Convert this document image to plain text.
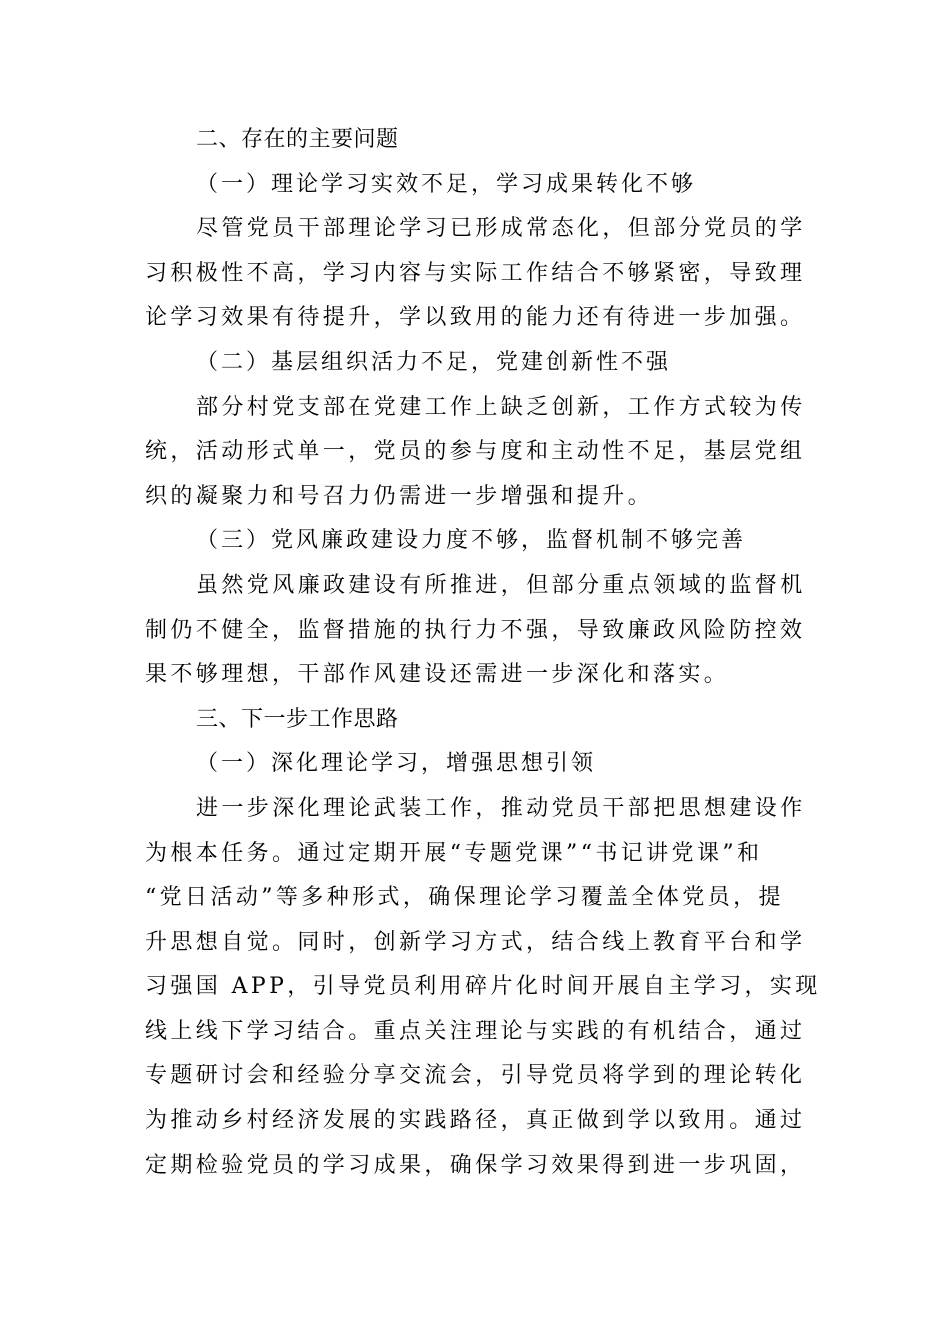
二、存在的主要问题
（一）理论学习实效不足，学习成果转化不够
尽管党员干部理论学习已形成常态化，但部分党员的学
习积极性不高，学习内容与实际工作结合不够紧密，导致理
论学习效果有待提升，学以致用的能力还有待进一步加强。
（二）基层组织活力不足，党建创新性不强
部分村党支部在党建工作上缺乏创新，工作方式较为传
统，活动形式单一，党员的参与度和主动性不足，基层党组
织的凝聚力和号召力仍需进一步增强和提升。
（三）党风廉政建设力度不够，监督机制不够完善
虽然党风廉政建设有所推进，但部分重点领域的监督机
制仍不健全，监督措施的执行力不强，导致廉政风险防控效
果不够理想，干部作风建设还需进一步深化和落实。
三、下一步工作思路
（一）深化理论学习，增强思想引领
进一步深化理论武装工作，推动党员干部把思想建设作
为根本任务。通过定期开展“专题党课”“书记讲党课”和
“党日活动”等多种形式，确保理论学习覆盖全体党员，提
升思想自觉。同时，创新学习方式，结合线上教育平台和学
习强国 APP，引导党员利用碎片化时间开展自主学习，实现
线上线下学习结合。重点关注理论与实践的有机结合，通过
专题研讨会和经验分享交流会，引导党员将学到的理论转化
为推动乡村经济发展的实践路径，真正做到学以致用。通过
定期检验党员的学习成果，确保学习效果得到进一步巩固，
